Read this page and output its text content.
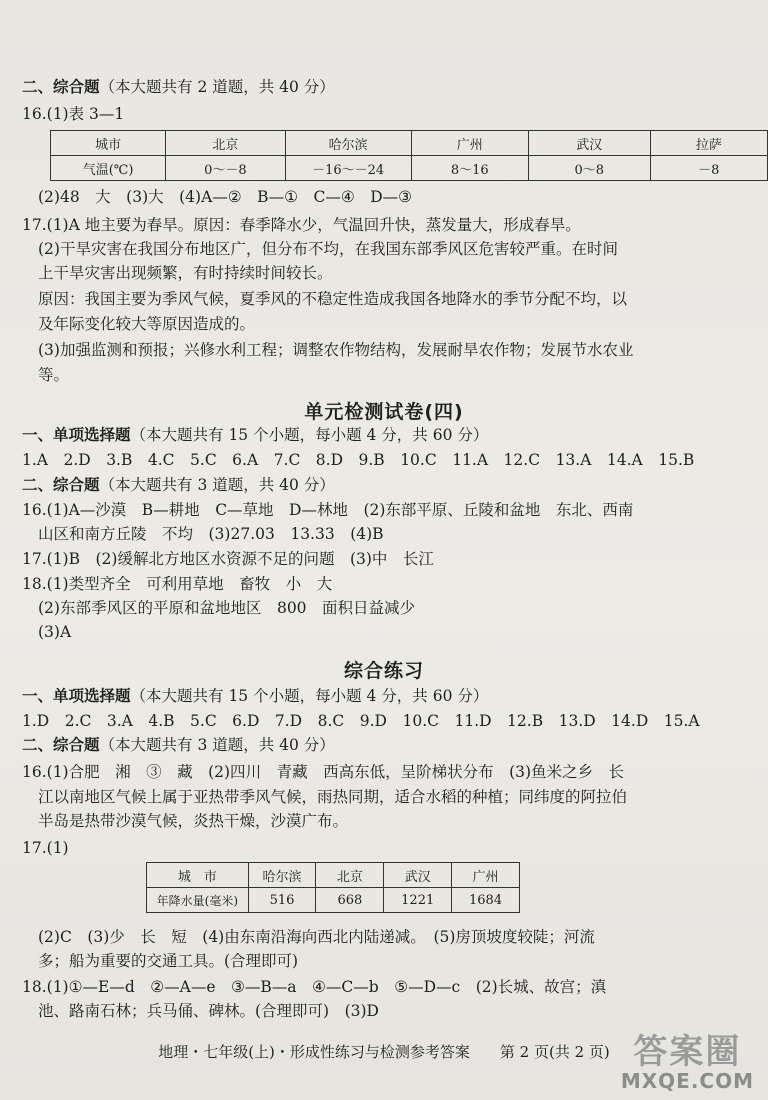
二、综合题（本大题共有 2 道题，共 40 分）
16.(1)表 3—1
城市	北京	哈尔滨	广州	武汉	拉萨
气温(℃)	0～－8	－16～－24	8～16	0～8	－8
(2)48　大　(3)大　(4)A—②　B—①　C—④　D—③
17.(1)A 地主要为春旱。原因：春季降水少，气温回升快，蒸发量大，形成春旱。
(2)干旱灾害在我国分布地区广，但分布不均，在我国东部季风区危害较严重。在时间
上干旱灾害出现频繁，有时持续时间较长。
原因：我国主要为季风气候，夏季风的不稳定性造成我国各地降水的季节分配不均，以
及年际变化较大等原因造成的。
(3)加强监测和预报；兴修水利工程；调整农作物结构，发展耐旱农作物；发展节水农业
等。
单元检测试卷(四)
一、单项选择题（本大题共有 15 个小题，每小题 4 分，共 60 分）
1.A　2.D　3.B　4.C　5.C　6.A　7.C　8.D　9.B　10.C　11.A　12.C　13.A　14.A　15.B
二、综合题（本大题共有 3 道题，共 40 分）
16.(1)A—沙漠　B—耕地　C—草地　D—林地　(2)东部平原、丘陵和盆地　东北、西南
山区和南方丘陵　不均　(3)27.03　13.33　(4)B
17.(1)B　(2)缓解北方地区水资源不足的问题　(3)中　长江
18.(1)类型齐全　可利用草地　畜牧　小　大
(2)东部季风区的平原和盆地地区　800　面积日益减少
(3)A
综合练习
一、单项选择题（本大题共有 15 个小题，每小题 4 分，共 60 分）
1.D　2.C　3.A　4.B　5.C　6.D　7.D　8.C　9.D　10.C　11.D　12.B　13.D　14.D　15.A
二、综合题（本大题共有 3 道题，共 40 分）
16.(1)合肥　湘　③　藏　(2)四川　青藏　西高东低，呈阶梯状分布　(3)鱼米之乡　长
江以南地区气候上属于亚热带季风气候，雨热同期，适合水稻的种植；同纬度的阿拉伯
半岛是热带沙漠气候，炎热干燥，沙漠广布。
17.(1)
城　市	哈尔滨	北京	武汉	广州
年降水量(毫米)	516	668	1221	1684
(2)C　(3)少　长　短　(4)由东南沿海向西北内陆递减。　(5)房顶坡度较陡；河流
多；船为重要的交通工具。(合理即可)
18.(1)①—E—d　②—A—e　③—B—a　④—C—b　⑤—D—c　(2)长城、故宫；滇
池、路南石林；兵马俑、碑林。(合理即可)　(3)D
地理・七年级(上)・形成性练习与检测参考答案　　第 2 页(共 2 页) 答案圈
MXQE.COM
